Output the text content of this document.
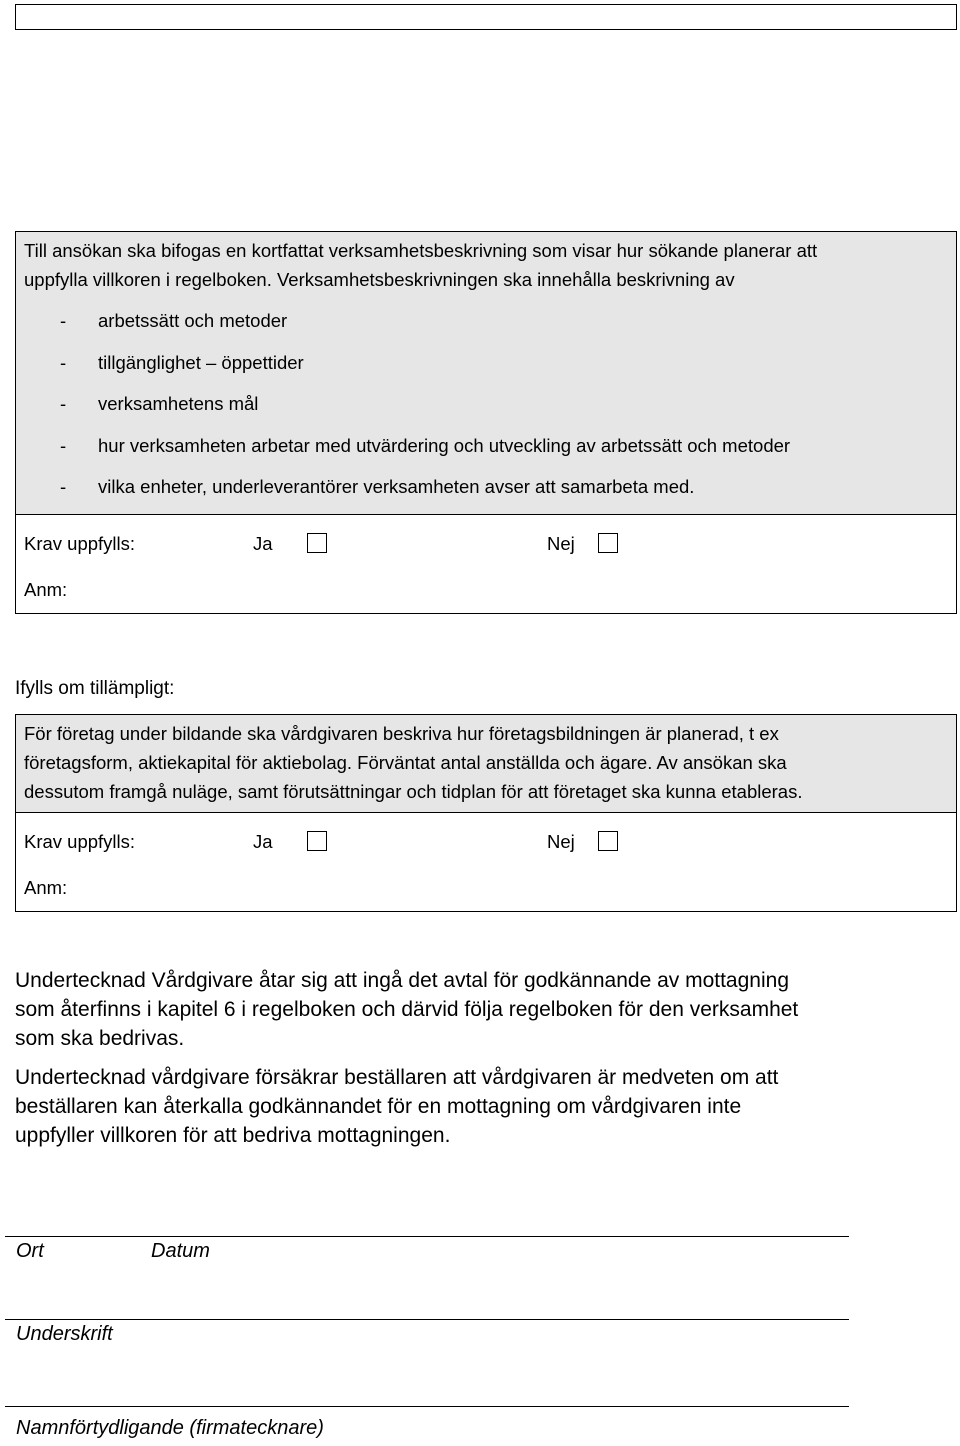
Till ansökan ska bifogas en kortfattat verksamhetsbeskrivning som visar hur sökande planerar att
uppfylla villkoren i regelboken. Verksamhetsbeskrivningen ska innehålla beskrivning av
-	arbetssätt och metoder
-	tillgänglighet – öppettider
-	verksamhetens mål
-	hur verksamheten arbetar med utvärdering och utveckling av arbetssätt och metoder
-	vilka enheter, underleverantörer verksamheten avser att samarbeta med.
Krav uppfylls:	Ja	Nej
Anm:
Ifylls om tillämpligt:
För företag under bildande ska vårdgivaren beskriva hur företagsbildningen är planerad, t ex
företagsform, aktiekapital för aktiebolag. Förväntat antal anställda och ägare. Av ansökan ska
dessutom framgå nuläge, samt förutsättningar och tidplan för att företaget ska kunna etableras.
Krav uppfylls:	Ja	Nej
Anm:
Undertecknad Vårdgivare åtar sig att ingå det avtal för godkännande av mottagning
som återfinns i kapitel 6 i regelboken och därvid följa regelboken för den verksamhet
som ska bedrivas.
Undertecknad vårdgivare försäkrar beställaren att vårdgivaren är medveten om att
beställaren kan återkalla godkännandet för en mottagning om vårdgivaren inte
uppfyller villkoren för att bedriva mottagningen.
Ort	Datum
Underskrift
Namnförtydligande (firmatecknare)
